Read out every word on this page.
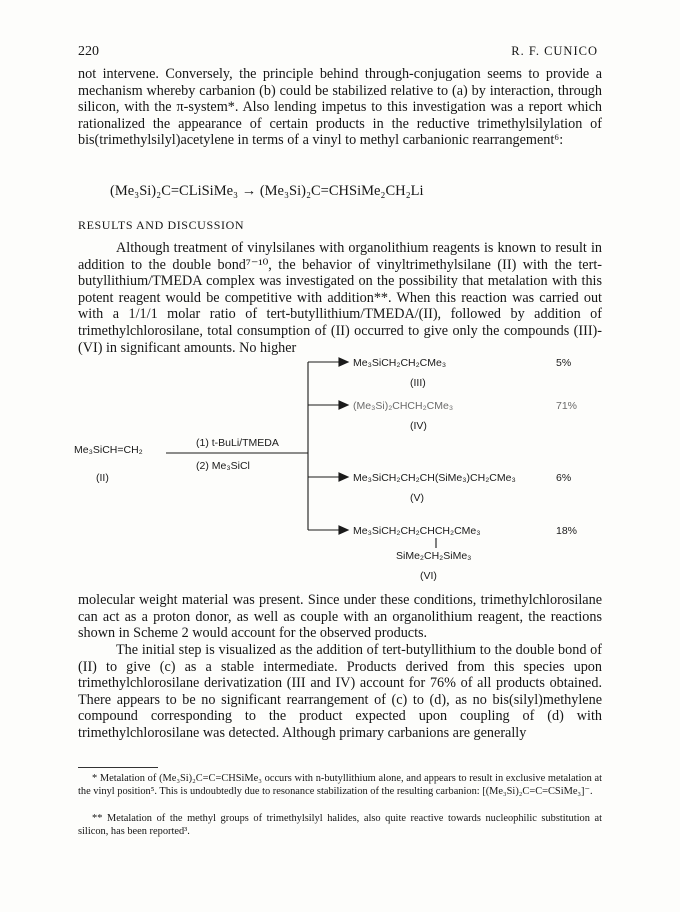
220	R. F. CUNICO
not intervene. Conversely, the principle behind through-conjugation seems to provide a mechanism whereby carbanion (b) could be stabilized relative to (a) by interaction, through silicon, with the π-system*. Also lending impetus to this investigation was a report which rationalized the appearance of certain products in the reductive trimethylsilylation of bis(trimethylsilyl)acetylene in terms of a vinyl to methyl carbanionic rearrangement⁶:
(Me₃Si)₂C=CLiSiMe₃ → (Me₃Si)₂C=CHSiMe₂CH₂Li
RESULTS AND DISCUSSION
Although treatment of vinylsilanes with organolithium reagents is known to result in addition to the double bond⁷⁻¹⁰, the behavior of vinyltrimethylsilane (II) with the tert-butyllithium/TMEDA complex was investigated on the possibility that metalation with this potent reagent would be competitive with addition**. When this reaction was carried out with a 1/1/1 molar ratio of tert-butyllithium/TMEDA/(II), followed by addition of trimethylchlorosilane, total consumption of (II) occurred to give only the compounds (III)-(VI) in significant amounts. No higher
Me₃SiCH=CH₂
(II)
(1) t-BuLi/TMEDA
(2) Me₃SiCl
Me₃SiCH₂CH₂CMe₃
(III)
5%
(Me₃Si)₂CHCH₂CMe₃
(IV)
71%
Me₃SiCH₂CH₂CH(SiMe₃)CH₂CMe₃
(V)
6%
Me₃SiCH₂CH₂CHCH₂CMe₃
SiMe₂CH₂SiMe₃
(VI)
18%
molecular weight material was present. Since under these conditions, trimethylchlorosilane can act as a proton donor, as well as couple with an organolithium reagent, the reactions shown in Scheme 2 would account for the observed products.
The initial step is visualized as the addition of tert-butyllithium to the double bond of (II) to give (c) as a stable intermediate. Products derived from this species upon trimethylchlorosilane derivatization (III and IV) account for 76% of all products obtained. There appears to be no significant rearrangement of (c) to (d), as no bis(silyl)methylene compound corresponding to the product expected upon coupling of (d) with trimethylchlorosilane was detected. Although primary carbanions are generally
* Metalation of (Me₃Si)₂C=C=CHSiMe₃ occurs with n-butyllithium alone, and appears to result in exclusive metalation at the vinyl position⁵. This is undoubtedly due to resonance stabilization of the resulting carbanion: [(Me₃Si)₂C=C=CSiMe₃]⁻.
** Metalation of the methyl groups of trimethylsilyl halides, also quite reactive towards nucleophilic substitution at silicon, has been reported³.
